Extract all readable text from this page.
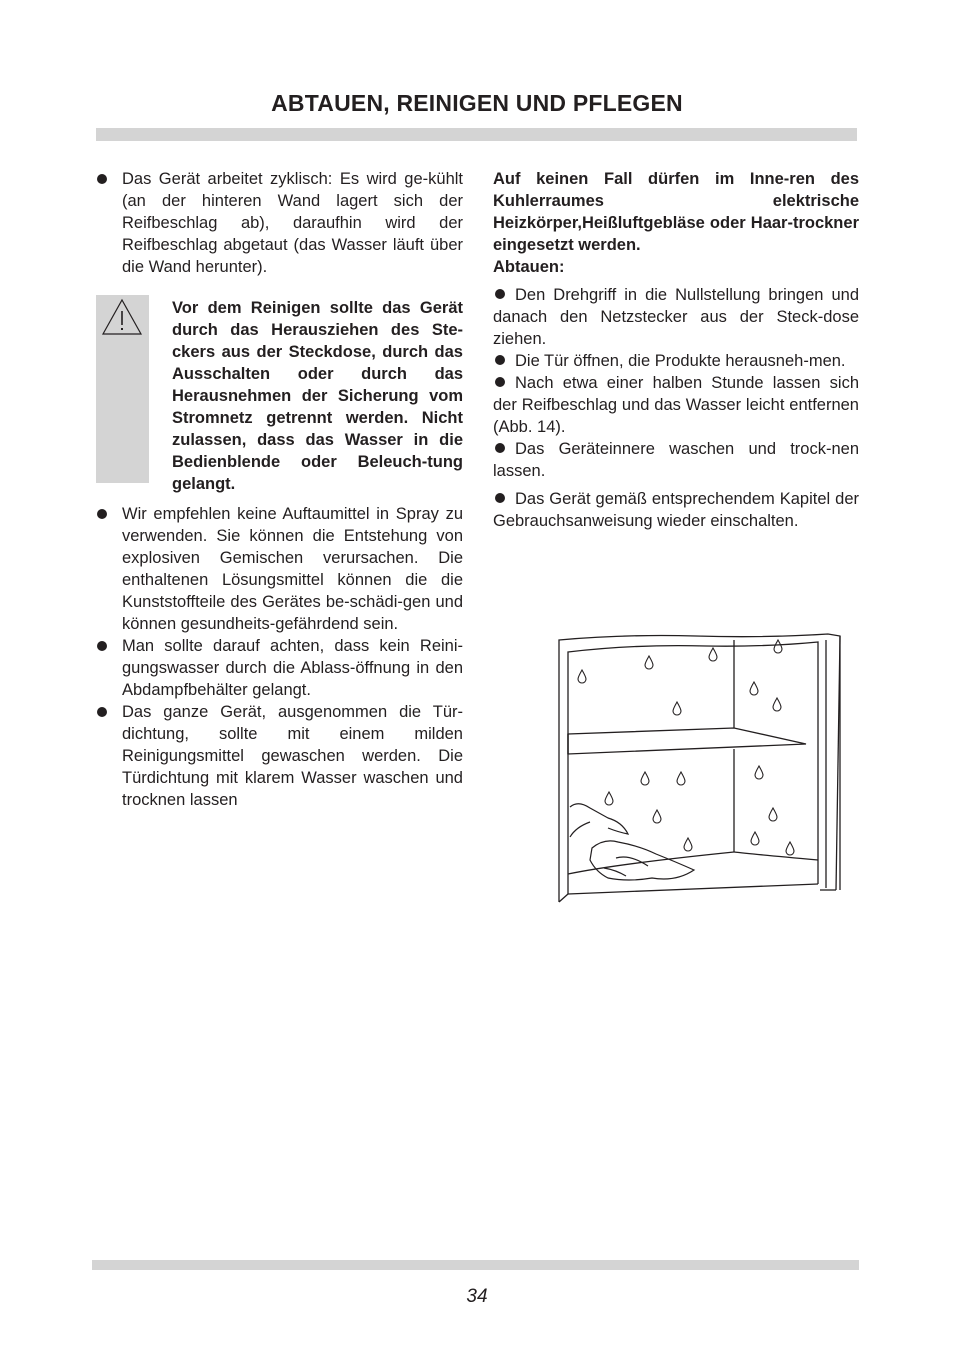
ABTAUEN, REINIGEN UND PFLEGEN
Das Gerät arbeitet zyklisch: Es wird ge-kühlt (an der hinteren Wand lagert sich der Reifbeschlag ab), daraufhin wird der Reifbeschlag abgetaut (das Wasser läuft über die Wand herunter).
Vor dem Reinigen sollte das Gerät durch das Herausziehen des Ste-ckers aus der Steckdose, durch das Ausschalten oder durch das Herausnehmen der Sicherung vom Stromnetz getrennt werden. Nicht zulassen, dass das Wasser in die Bedienblende oder Beleuch-tung gelangt.
Wir empfehlen keine Auftaumittel in Spray zu verwenden. Sie können die Entstehung von explosiven Gemischen verursachen. Die enthaltenen Lösungsmittel können die die Kunststoffteile des Gerätes be-schädi-gen und können gesundheits-gefährdend sein.
Man sollte darauf achten, dass kein Reini-gungswasser durch die Ablass-öffnung in den Abdampfbehälter gelangt.
Das ganze Gerät, ausgenommen die Tür- dichtung, sollte mit einem milden Reinigungsmittel gewaschen werden. Die Türdichtung mit klarem Wasser waschen und trocknen lassen
Auf keinen Fall dürfen im Inne-ren des Kuhlerraumes elektrische Heizkörper,Heißluftgebläse oder Haar-trockner eingesetzt werden.
Abtauen:
Den Drehgriff in die Nullstellung bringen und danach den Netzstecker aus der Steck-dose ziehen.
Die Tür öffnen, die Produkte herausneh-men.
Nach etwa einer halben Stunde lassen sich der Reifbeschlag und das Wasser leicht entfernen (Abb. 14).
Das Geräteinnere waschen und trock-nen lassen.
Das Gerät gemäß entsprechendem Kapitel der Gebrauchsanweisung wieder einschalten.
34
